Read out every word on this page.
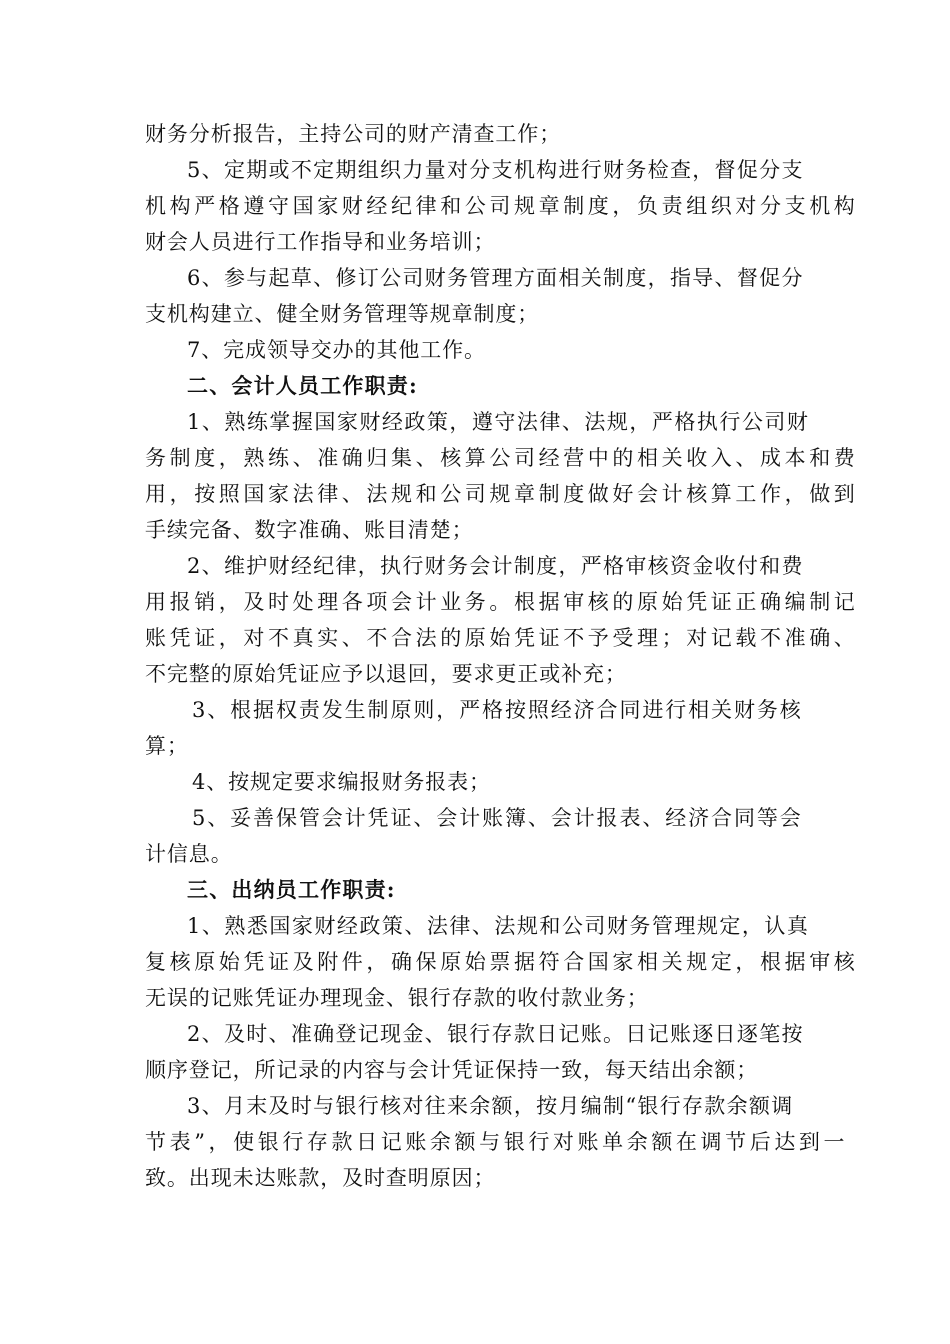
财务分析报告，主持公司的财产清查工作；
5、定期或不定期组织力量对分支机构进行财务检查，督促分支
机构严格遵守国家财经纪律和公司规章制度，负责组织对分支机构
财会人员进行工作指导和业务培训；
6、参与起草、修订公司财务管理方面相关制度，指导、督促分
支机构建立、健全财务管理等规章制度；
7、完成领导交办的其他工作。
二、会计人员工作职责:
1、熟练掌握国家财经政策，遵守法律、法规，严格执行公司财
务制度，熟练、准确归集、核算公司经营中的相关收入、成本和费
用，按照国家法律、法规和公司规章制度做好会计核算工作，做到
手续完备、数字准确、账目清楚；
2、维护财经纪律，执行财务会计制度，严格审核资金收付和费
用报销，及时处理各项会计业务。根据审核的原始凭证正确编制记
账凭证，对不真实、不合法的原始凭证不予受理；对记载不准确、
不完整的原始凭证应予以退回，要求更正或补充；
3、根据权责发生制原则，严格按照经济合同进行相关财务核
算；
4、按规定要求编报财务报表；
5、妥善保管会计凭证、会计账簿、会计报表、经济合同等会
计信息。
三、出纳员工作职责:
1、熟悉国家财经政策、法律、法规和公司财务管理规定，认真
复核原始凭证及附件，确保原始票据符合国家相关规定，根据审核
无误的记账凭证办理现金、银行存款的收付款业务；
2、及时、准确登记现金、银行存款日记账。日记账逐日逐笔按
顺序登记，所记录的内容与会计凭证保持一致，每天结出余额；
3、月末及时与银行核对往来余额，按月编制“银行存款余额调
节表”，使银行存款日记账余额与银行对账单余额在调节后达到一
致。出现未达账款，及时查明原因；
